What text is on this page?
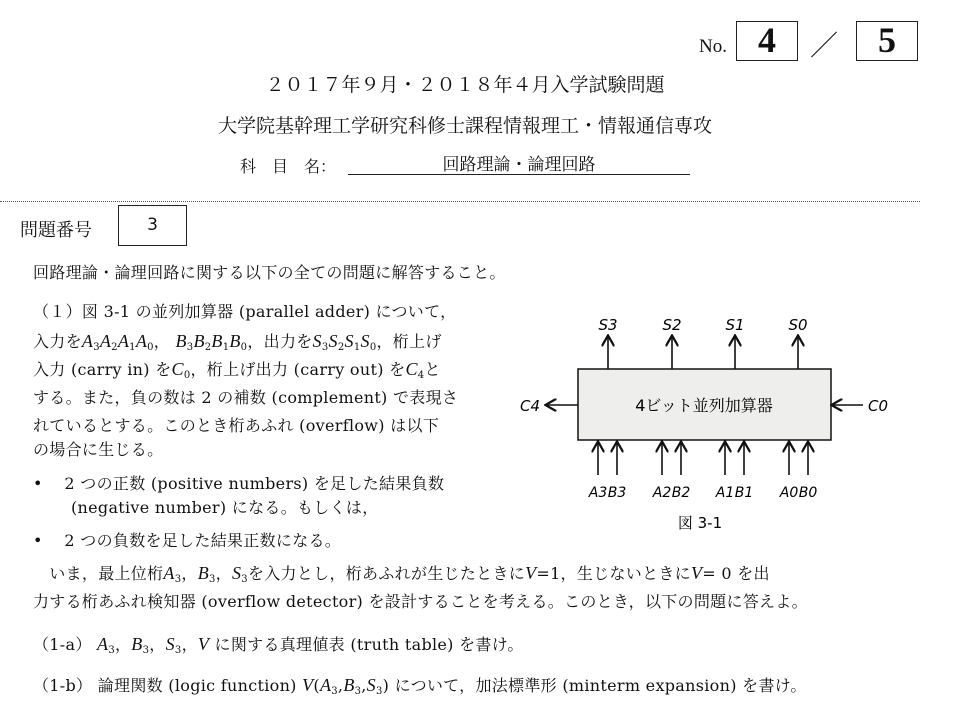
No. 4	／	5
２０１７年９月・２０１８年４月入学試験問題
大学院基幹理工学研究科修士課程情報理工・情報通信専攻
科　目　名：	回路理論・論理回路
問題番号	3
回路理論・論理回路に関する以下の全ての問題に解答すること。
（１）図 3-1 の並列加算器 (parallel adder) について，
入力を$A_3A_2A_1A_0$， $B_3B_2B_1B_0$，出力を$S_3S_2S_1S_0$，桁上げ
入力 (carry in) を$C_0$，桁上げ出力 (carry out) を$C_4$と
する。また，負の数は 2 の補数 (complement) で表現さ
れているとする。このとき桁あふれ (overflow) は以下
の場合に生じる。
•　 2 つの正数 (positive numbers) を足した結果負数
　　 (negative number) になる。もしくは，
•　 2 つの負数を足した結果正数になる。
　いま，最上位桁$A_3$，$B_3$，$S_3$を入力とし，桁あふれが生じたときにV=1，生じないときにV= 0 を出
力する桁あふれ検知器 (overflow detector) を設計することを考える。このとき，以下の問題に答えよ。
（1-a） $A_3$，$B_3$，$S_3$，V に関する真理値表 (truth table) を書け。
（1-b） 論理関数 (logic function) $V(A_3,B_3,S_3)$ について，加法標準形 (minterm expansion) を書け。
4ビット並列加算器
S3	S2	S1	S0
A3 B3 A2 B2 A1 B1 A0 B0
C4	C0
図 3-1
